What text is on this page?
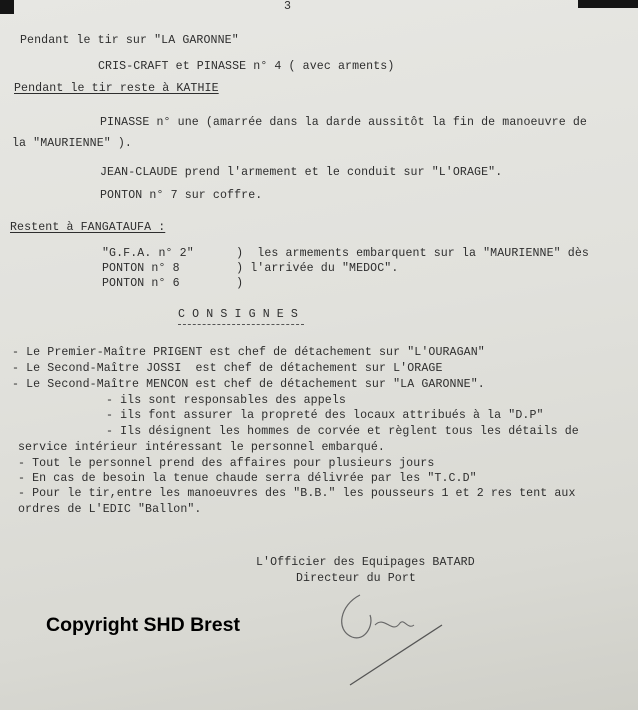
3
Pendant le tir sur "LA GARONNE"
CRIS-CRAFT et PINASSE n° 4 ( avec arments)
Pendant le tir reste à KATHIE
PINASSE n° une (amarrée dans la darde aussitôt la fin de manoeuvre de
la "MAURIENNE" ).
JEAN-CLAUDE prend l'armement et le conduit sur "L'ORAGE".
PONTON n° 7 sur coffre.
Restent à FANGATAUFA :
"G.F.A. n° 2"      )  les armements embarquent sur la "MAURIENNE" dès
PONTON n° 8        ) l'arrivée du "MEDOC".
PONTON n° 6        )
C O N S I G N E S
- Le Premier-Maître PRIGENT est chef de détachement sur "L'OURAGAN"
- Le Second-Maître JOSSI  est chef de détachement sur L'ORAGE
- Le Second-Maître MENCON est chef de détachement sur "LA GARONNE".
- ils sont responsables des appels
- ils font assurer la propreté des locaux attribués à la "D.P"
- Ils désignent les hommes de corvée et règlent tous les détails de
service intérieur intéressant le personnel embarqué.
- Tout le personnel prend des affaires pour plusieurs jours
- En cas de besoin la tenue chaude serra délivrée par les "T.C.D"
- Pour le tir,entre les manoeuvres des "B.B." les pousseurs 1 et 2 res tent aux
ordres de L'EDIC "Ballon".
L'Officier des Equipages BATARD
Directeur du Port
Copyright SHD Brest
